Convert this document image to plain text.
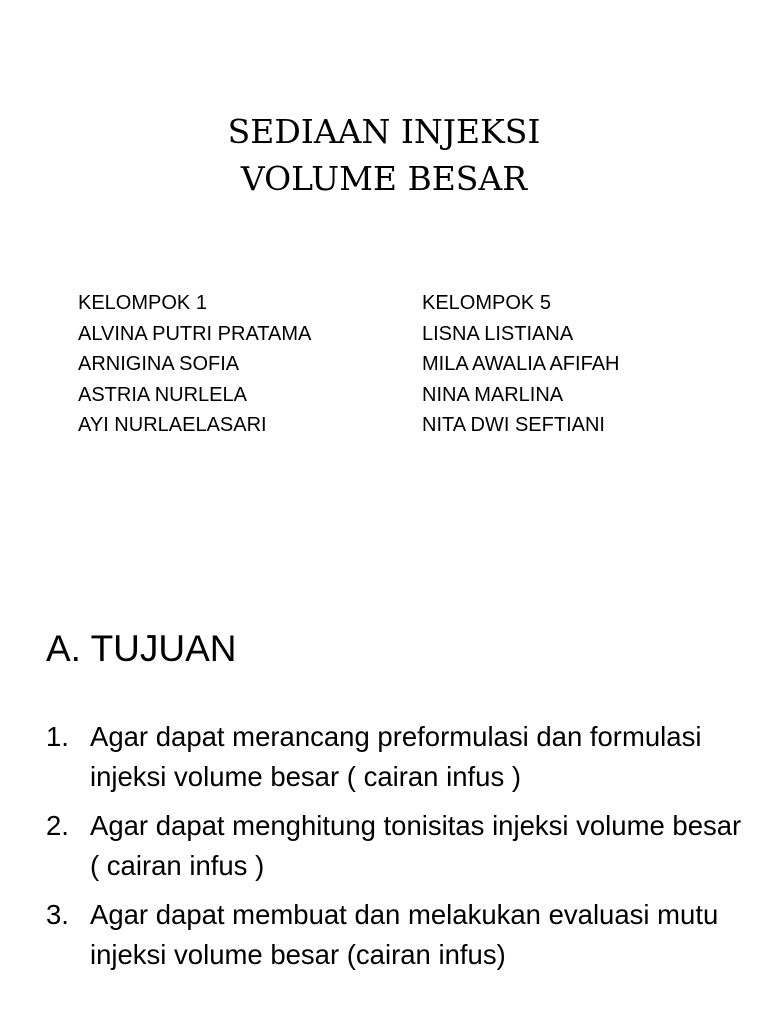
SEDIAAN INJEKSI
VOLUME BESAR
KELOMPOK 1
ALVINA PUTRI PRATAMA
ARNIGINA SOFIA
ASTRIA NURLELA
AYI NURLAELASARI
KELOMPOK 5
LISNA LISTIANA
MILA AWALIA AFIFAH
NINA MARLINA
NITA DWI SEFTIANI
A. TUJUAN
1. Agar dapat merancang preformulasi dan formulasi injeksi volume besar ( cairan infus )
2. Agar dapat menghitung tonisitas injeksi volume besar ( cairan infus )
3. Agar dapat membuat dan melakukan evaluasi mutu injeksi volume besar (cairan infus)
